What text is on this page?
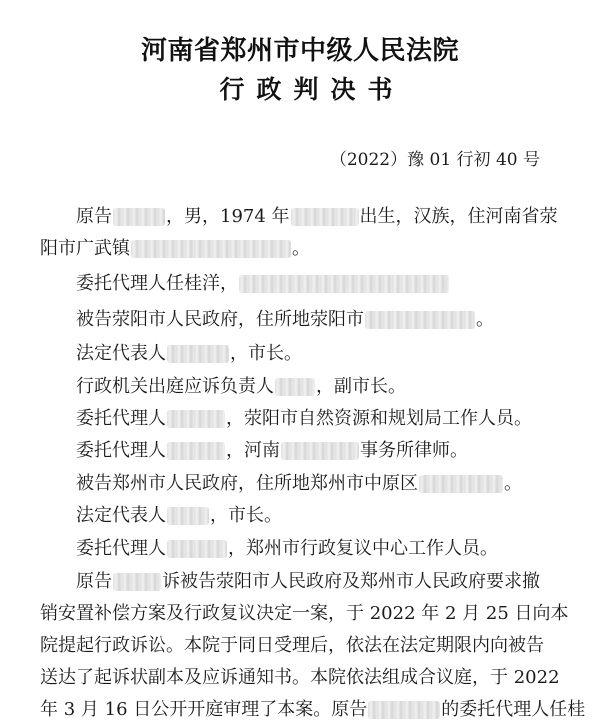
河南省郑州市中级人民法院
行政判决书
（2022）豫 01 行初 40 号
原告	，男，1974 年	出生，汉族，住河南省荥
阳市广武镇	。
委托代理人任桂洋，
被告荥阳市人民政府，住所地荥阳市	。
法定代表人	，市长。
行政机关出庭应诉负责人 ，副市长。
委托代理人	，荥阳市自然资源和规划局工作人员。
委托代理人	，河南	事务所律师。
被告郑州市人民政府，住所地郑州市中原区	。
法定代表人 ，市长。
委托代理人	，郑州市行政复议中心工作人员。
原告	诉被告荥阳市人民政府及郑州市人民政府要求撤
销安置补偿方案及行政复议决定一案，于 2022 年 2 月 25 日向本
院提起行政诉讼。本院于同日受理后，依法在法定期限内向被告
送达了起诉状副本及应诉通知书。本院依法组成合议庭，于 2022
年 3 月 16 日公开开庭审理了本案。原告	的委托代理人任桂
